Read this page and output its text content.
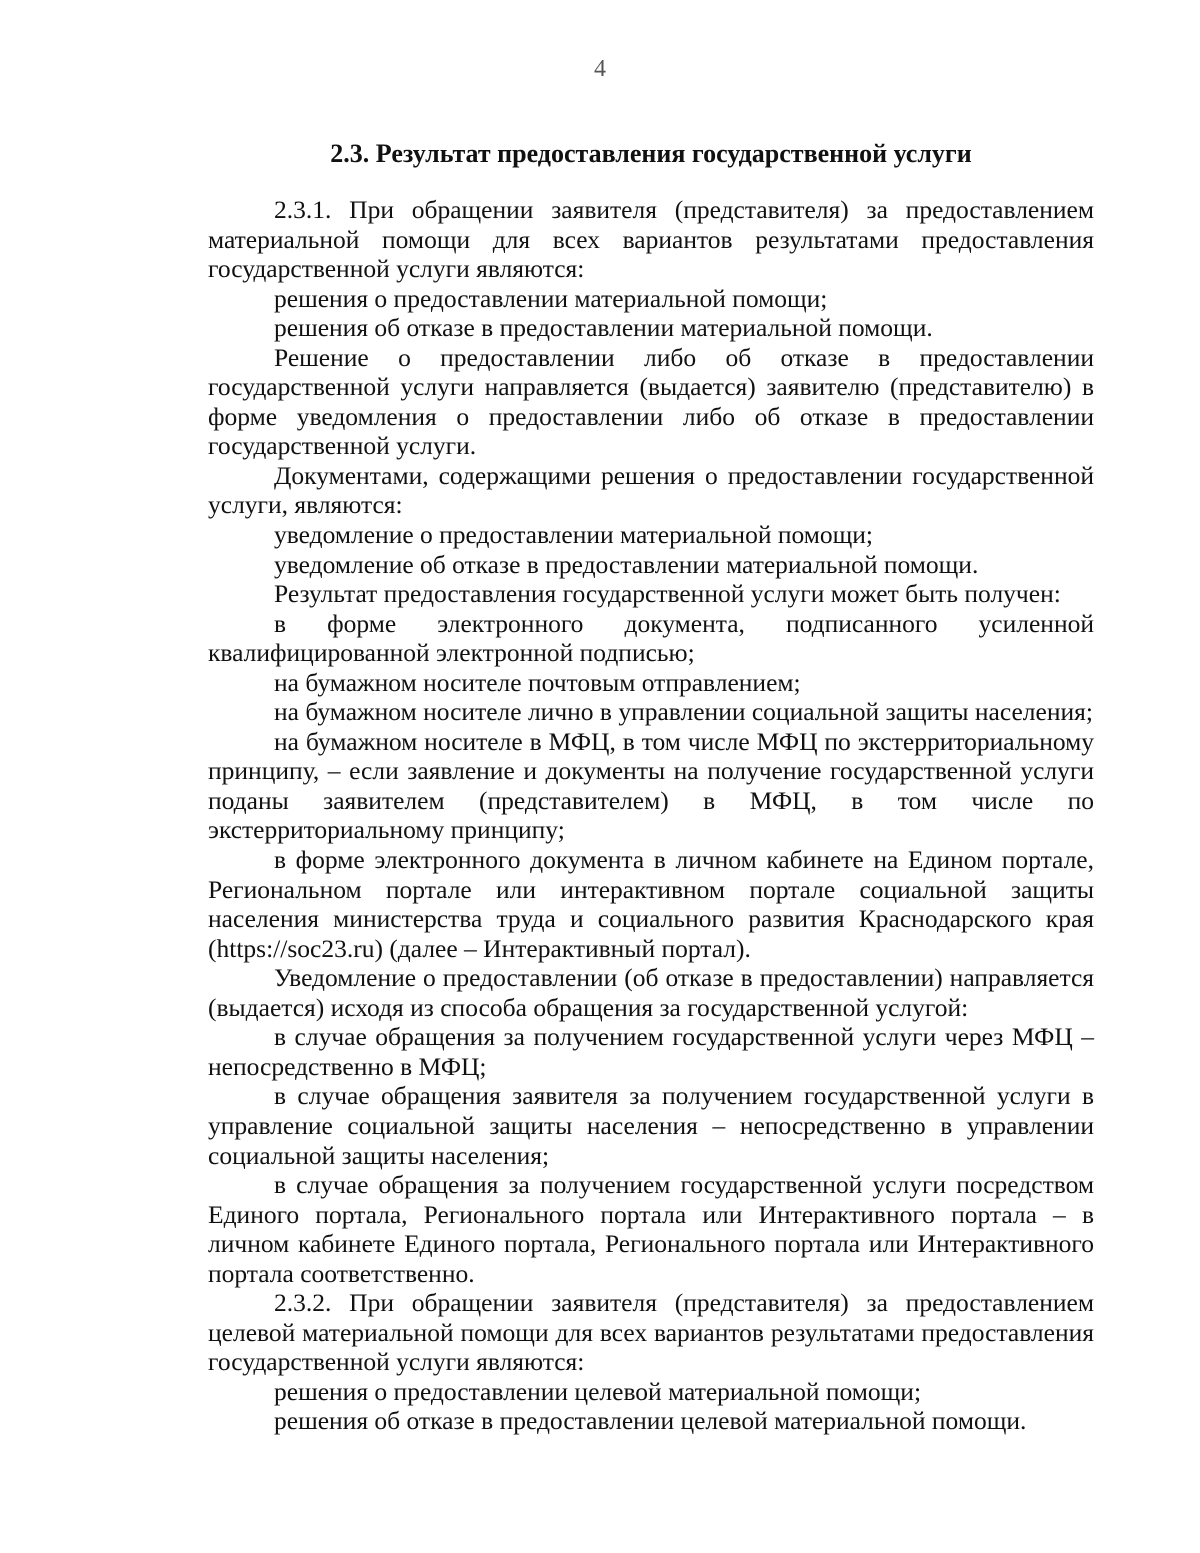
4
2.3. Результат предоставления государственной услуги

2.3.1. При обращении заявителя (представителя) за предоставлением материальной помощи для всех вариантов результатами предоставления государственной услуги являются:

решения о предоставлении материальной помощи;

решения об отказе в предоставлении материальной помощи.

Решение о предоставлении либо об отказе в предоставлении государственной услуги направляется (выдается) заявителю (представителю) в форме уведомления о предоставлении либо об отказе в предоставлении государственной услуги.

Документами, содержащими решения о предоставлении государственной услуги, являются:

уведомление о предоставлении материальной помощи;

уведомление об отказе в предоставлении материальной помощи.

Результат предоставления государственной услуги может быть получен:

в форме электронного документа, подписанного усиленной квалифицированной электронной подписью;

на бумажном носителе почтовым отправлением;

на бумажном носителе лично в управлении социальной защиты населения;

на бумажном носителе в МФЦ, в том числе МФЦ по экстерриториальному принципу, – если заявление и документы на получение государственной услуги поданы заявителем (представителем) в МФЦ, в том числе по экстерриториальному принципу;

в форме электронного документа в личном кабинете на Едином портале, Региональном портале или интерактивном портале социальной защиты населения министерства труда и социального развития Краснодарского края (https://soc23.ru) (далее – Интерактивный портал).

Уведомление о предоставлении (об отказе в предоставлении) направляется (выдается) исходя из способа обращения за государственной услугой:

в случае обращения за получением государственной услуги через МФЦ – непосредственно в МФЦ;

в случае обращения заявителя за получением государственной услуги в управление социальной защиты населения – непосредственно в управлении социальной защиты населения;

в случае обращения за получением государственной услуги посредством Единого портала, Регионального портала или Интерактивного портала – в личном кабинете Единого портала, Регионального портала или Интерактивного портала соответственно.

2.3.2. При обращении заявителя (представителя) за предоставлением целевой материальной помощи для всех вариантов результатами предоставления государственной услуги являются:

решения о предоставлении целевой материальной помощи;

решения об отказе в предоставлении целевой материальной помощи.
